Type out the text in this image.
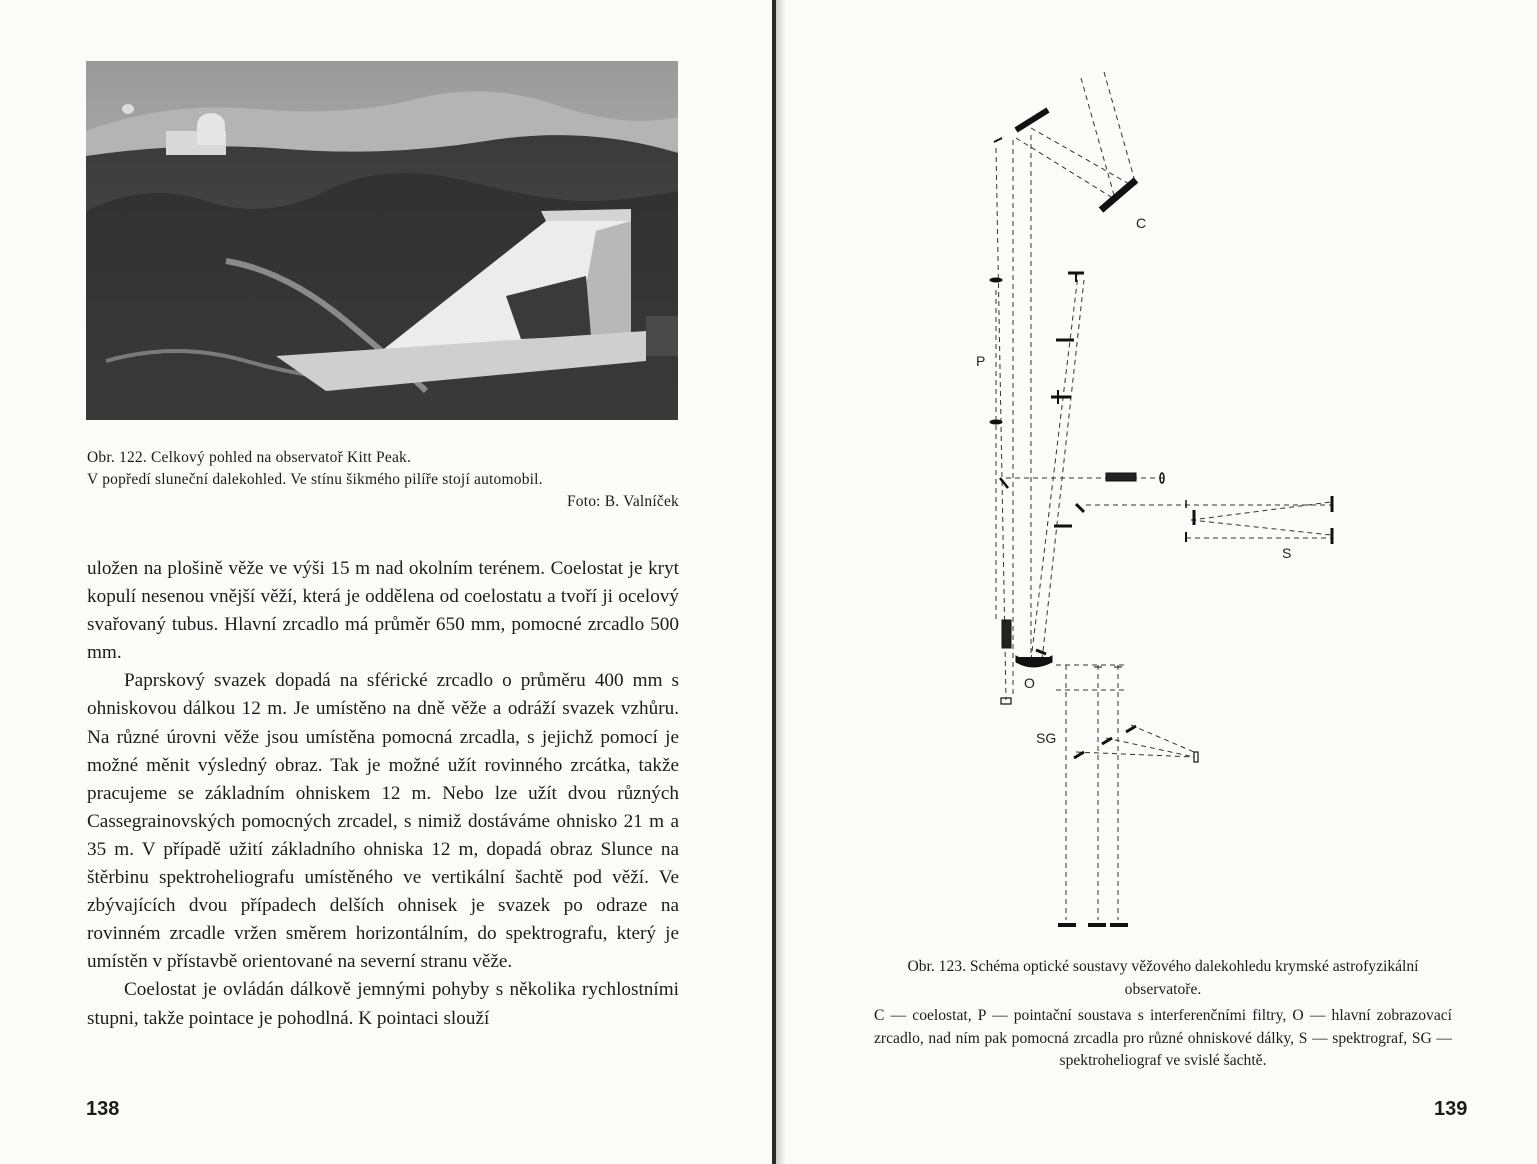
Obr. 122. Celkový pohled na observatoř Kitt Peak.
V popředí sluneční dalekohled. Ve stínu šikmého pilíře stojí automobil.
Foto: B. Valníček

uložen na plošině věže ve výši 15 m nad okolním terénem. Coelostat je kryt kopulí nesenou vnější věží, která je oddělena od coelostatu a tvoří ji ocelový svařovaný tubus. Hlavní zrcadlo má průměr 650 mm, pomocné zrcadlo 500 mm.

Paprskový svazek dopadá na sférické zrcadlo o průměru 400 mm s ohniskovou dálkou 12 m. Je umístěno na dně věže a odráží svazek vzhůru. Na různé úrovni věže jsou umístěna pomocná zrcadla, s jejichž pomocí je možné měnit výsledný obraz. Tak je možné užít rovinného zrcátka, takže pracujeme se základním ohniskem 12 m. Nebo lze užít dvou různých Cassegrainovských pomocných zrcadel, s nimiž dostáváme ohnisko 21 m a 35 m. V případě užití základního ohniska 12 m, dopadá obraz Slunce na štěrbinu spektroheliografu umístěného ve vertikální šachtě pod věží. Ve zbývajících dvou případech delších ohnisek je svazek po odraze na rovinném zrcadle vržen směrem horizontálním, do spektrografu, který je umístěn v přístavbě orientované na severní stranu věže.

Coelostat je ovládán dálkově jemnými pohyby s několika rychlostními stupni, takže pointace je pohodlná. K pointaci slouží

138
C
P
S
O
SG

Obr. 123. Schéma optické soustavy věžového dalekohledu krymské astrofyzikální observatoře.

C — coelostat, P — pointační soustava s interferenčními filtry, O — hlavní zobrazovací zrcadlo, nad ním pak pomocná zrcadla pro různé ohniskové dálky, S — spektrograf, SG — spektroheliograf ve svislé šachtě.

139
